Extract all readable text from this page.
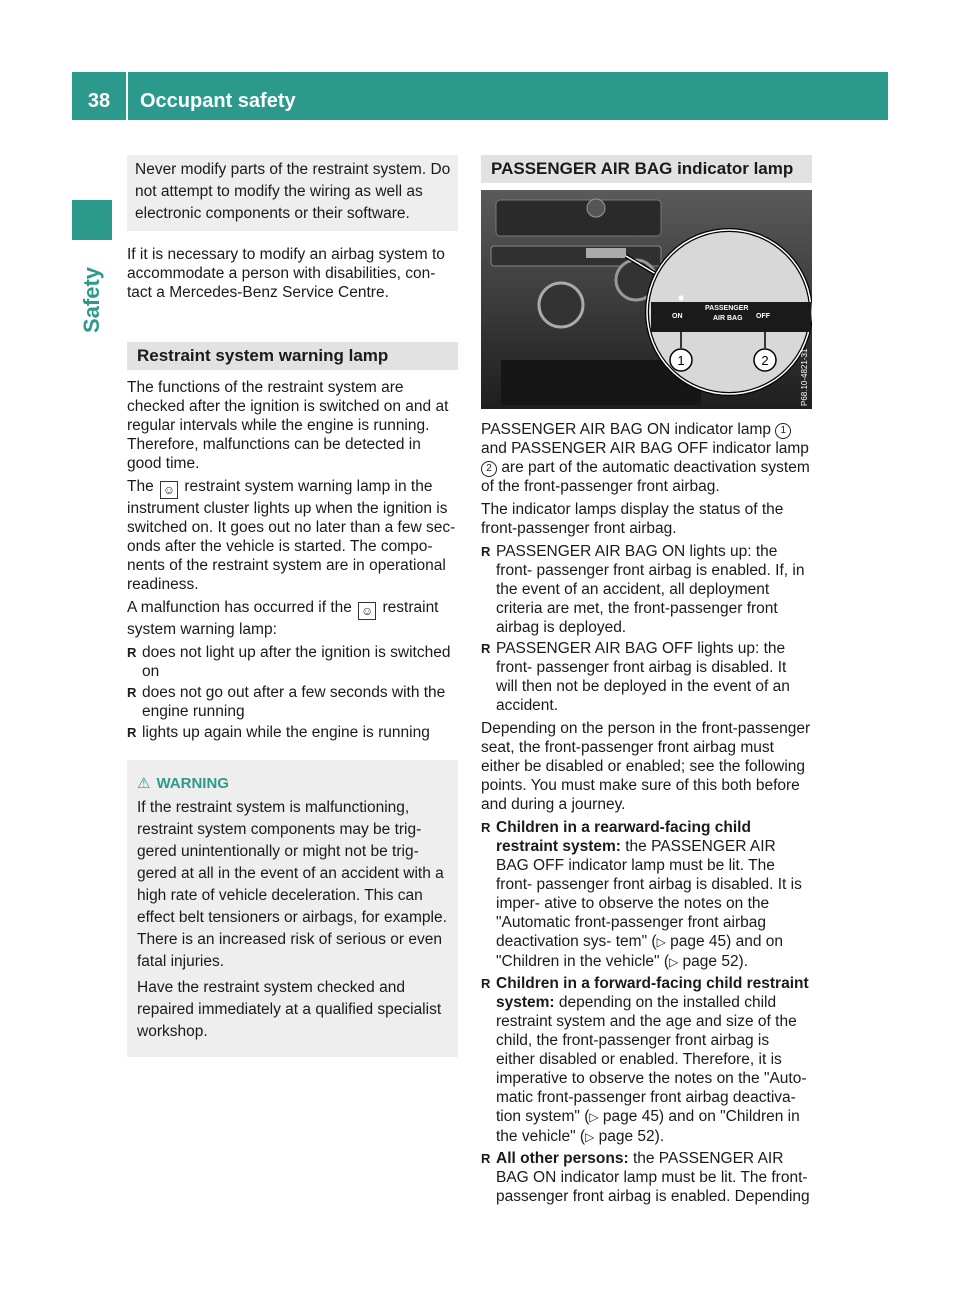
38	Occupant safety
Safety

Never modify parts of the restraint system. Do

not attempt to modify the wiring as well as

electronic components or their software.

If it is necessary to modify an airbag system to accommodate a person with disabilities, con- tact a Mercedes-Benz Service Centre.

Restraint system warning lamp

The functions of the restraint system are checked after the ignition is switched on and at regular intervals while the engine is running. Therefore, malfunctions can be detected in good time.

The ☺ restraint system warning lamp in the instrument cluster lights up when the ignition is switched on. It goes out no later than a few sec- onds after the vehicle is started. The compo- nents of the restraint system are in operational readiness.

A malfunction has occurred if the ☺ restraint system warning lamp:

R does not light up after the ignition is switched on
R does not go out after a few seconds with the engine running
R lights up again while the engine is running
⚠ WARNING

If the restraint system is malfunctioning, restraint system components may be trig- gered unintentionally or might not be trig- gered at all in the event of an accident with a high rate of vehicle deceleration. This can effect belt tensioners or airbags, for example. There is an increased risk of serious or even fatal injuries.

Have the restraint system checked and repaired immediately at a qualified specialist workshop.

PASSENGER AIR BAG indicator lamp
PASSENGER
AIR BAG
ON	OFF
1	2	P68.10-4821-31

PASSENGER AIR BAG ON indicator lamp 1 and PASSENGER AIR BAG OFF indicator lamp 2 are part of the automatic deactivation system of the front-passenger front airbag.

The indicator lamps display the status of the front-passenger front airbag.

R PASSENGER AIR BAG ON lights up: the front- passenger front airbag is enabled. If, in the event of an accident, all deployment criteria are met, the front-passenger front airbag is deployed.
R PASSENGER AIR BAG OFF lights up: the front- passenger front airbag is disabled. It will then not be deployed in the event of an accident.

Depending on the person in the front-passenger seat, the front-passenger front airbag must either be disabled or enabled; see the following points. You must make sure of this both before and during a journey.

R Children in a rearward-facing child restraint system: the PASSENGER AIR BAG OFF indicator lamp must be lit. The front- passenger front airbag is disabled. It is imper- ative to observe the notes on the "Automatic front-passenger front airbag deactivation sys- tem" (▷ page 45) and on "Children in the vehicle" (▷ page 52).
R Children in a forward-facing child restraint system: depending on the installed child restraint system and the age and size of the child, the front-passenger front airbag is either disabled or enabled. Therefore, it is imperative to observe the notes on the "Auto- matic front-passenger front airbag deactiva- tion system" (▷ page 45) and on "Children in the vehicle" (▷ page 52).
R All other persons: the PASSENGER AIR BAG ON indicator lamp must be lit. The front- passenger front airbag is enabled. Depending
